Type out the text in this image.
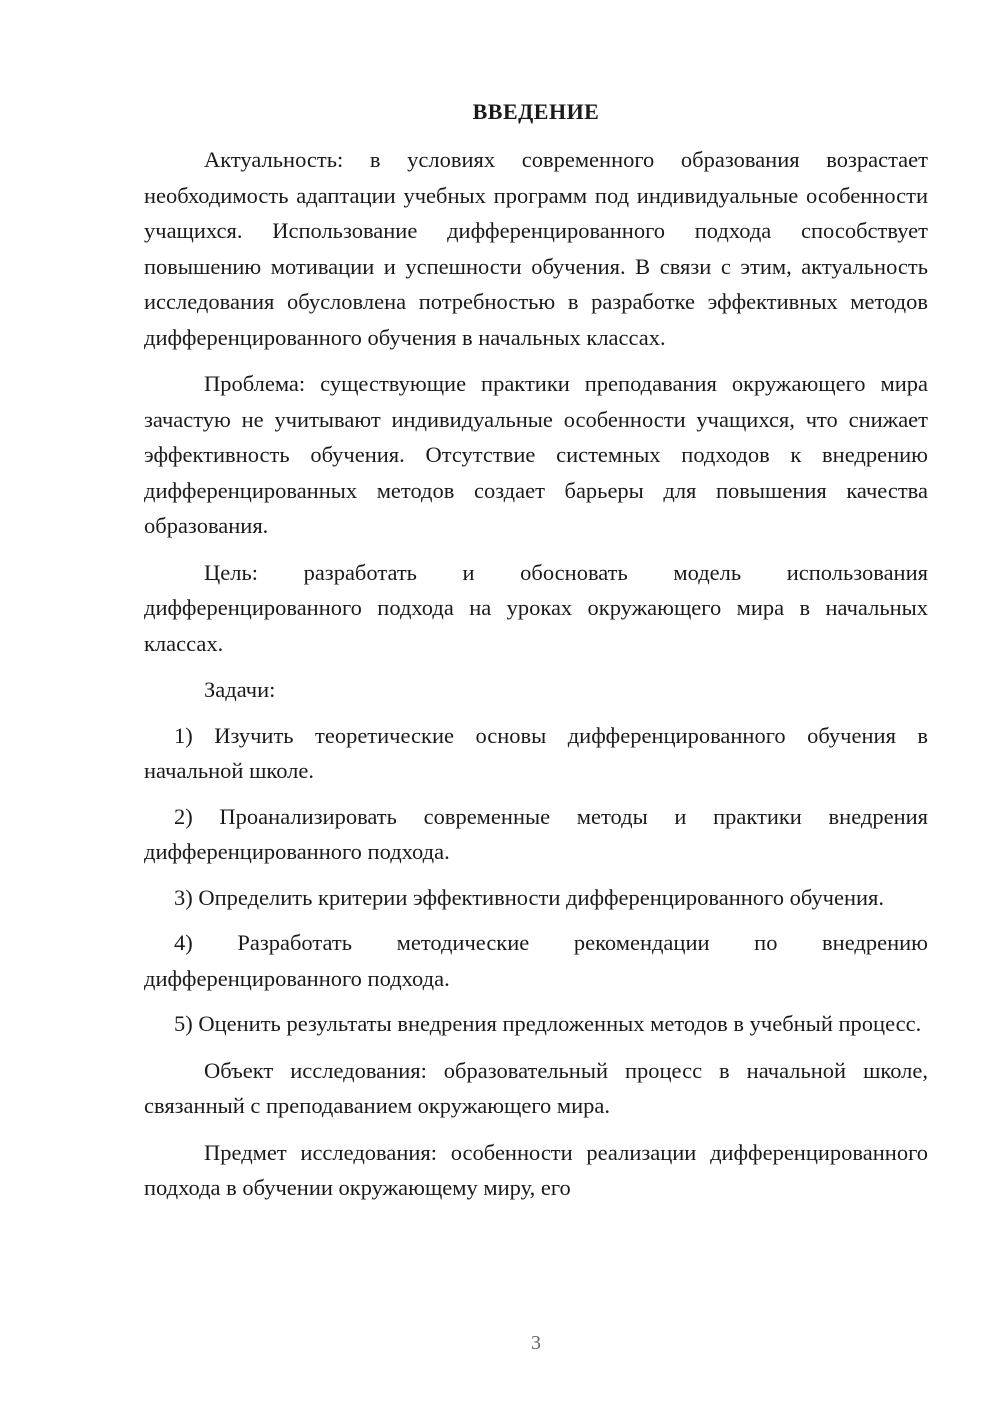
ВВЕДЕНИЕ

Актуальность: в условиях современного образования возрастает необходимость адаптации учебных программ под индивидуальные особенности учащихся. Использование дифференцированного подхода способствует повышению мотивации и успешности обучения. В связи с этим, актуальность исследования обусловлена потребностью в разработке эффективных методов дифференцированного обучения в начальных классах.

Проблема: существующие практики преподавания окружающего мира зачастую не учитывают индивидуальные особенности учащихся, что снижает эффективность обучения. Отсутствие системных подходов к внедрению дифференцированных методов создает барьеры для повышения качества образования.

Цель: разработать и обосновать модель использования дифференцированного подхода на уроках окружающего мира в начальных классах.

Задачи:

1) Изучить теоретические основы дифференцированного обучения в начальной школе.

2) Проанализировать современные методы и практики внедрения дифференцированного подхода.

3) Определить критерии эффективности дифференцированного обучения.

4) Разработать методические рекомендации по внедрению дифференцированного подхода.

5) Оценить результаты внедрения предложенных методов в учебный процесс.

Объект исследования: образовательный процесс в начальной школе, связанный с преподаванием окружающего мира.

Предмет исследования: особенности реализации дифференцированного подхода в обучении окружающему миру, его

3
